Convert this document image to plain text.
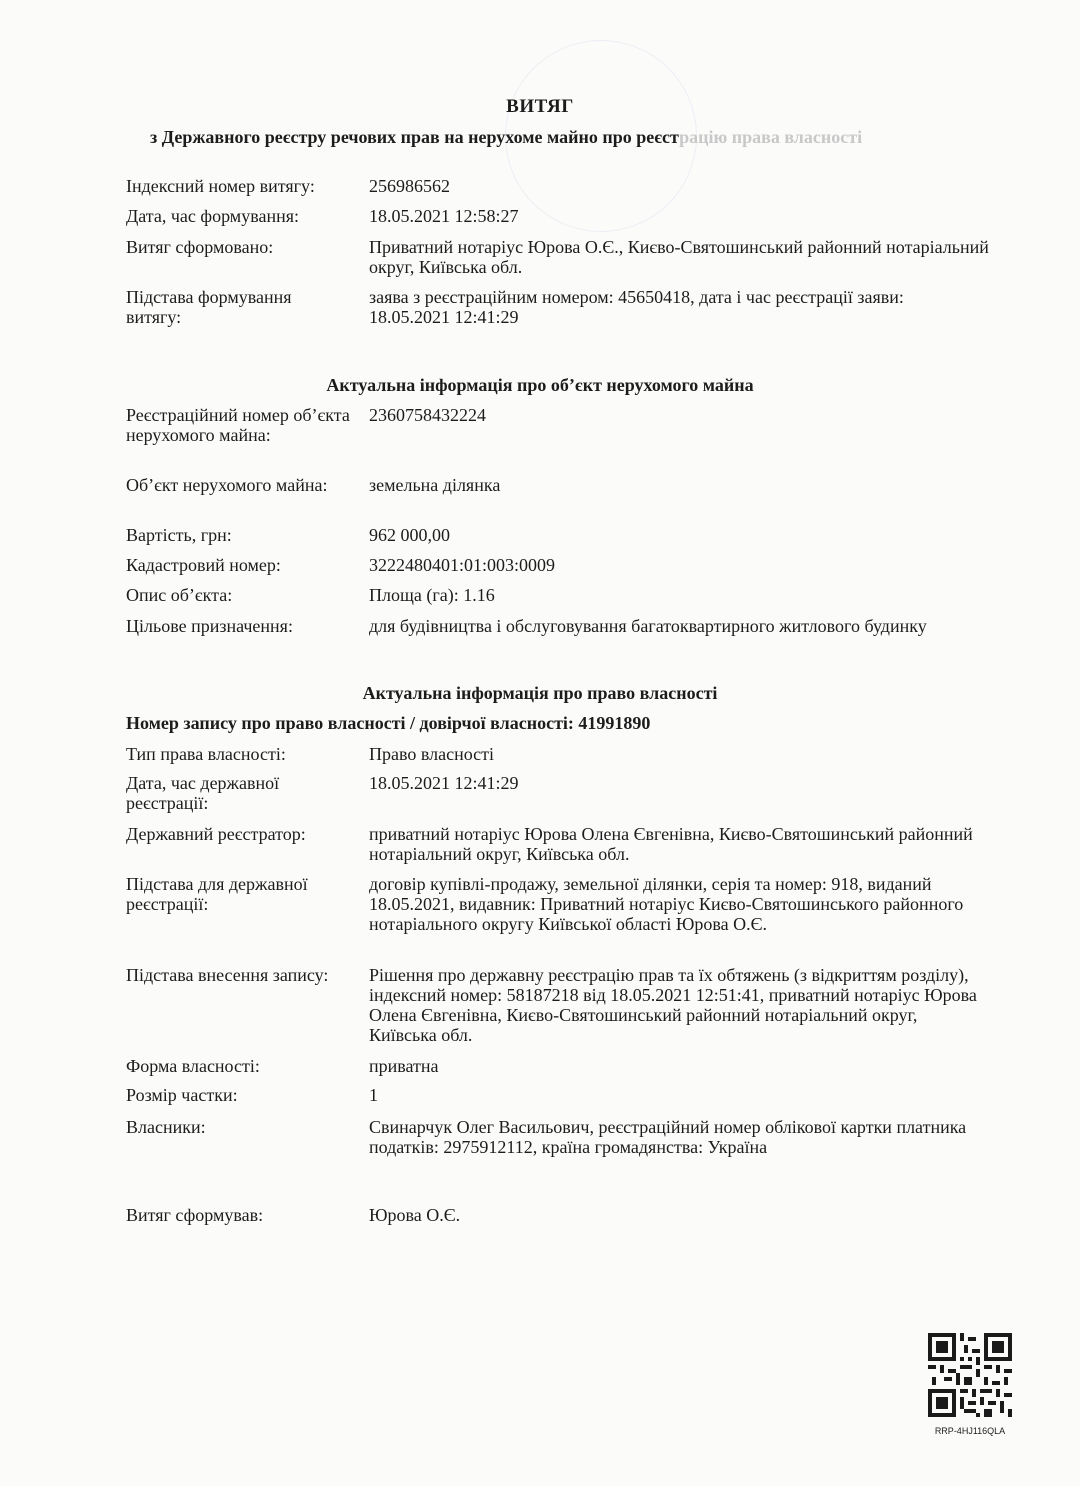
ВИТЯГ
з Державного реєстру речових прав на нерухоме майно про реєстрацію права власності
Індексний номер витягу:	256986562
Дата, час формування:	18.05.2021 12:58:27
Витяг сформовано:	Приватний нотаріус Юрова О.Є., Києво-Святошинський районний нотаріальний округ, Київська обл.
Підстава формування витягу:
заява з реєстраційним номером: 45650418, дата і час реєстрації заяви: 18.05.2021 12:41:29
Актуальна інформація про об’єкт нерухомого майна
Реєстраційний номер об’єкта нерухомого майна:
2360758432224
Об’єкт нерухомого майна:	земельна ділянка
Вартість, грн:	962 000,00
Кадастровий номер:	3222480401:01:003:0009
Опис об’єкта:	Площа (га): 1.16
Цільове призначення:	для будівництва і обслуговування багатоквартирного житлового будинку
Актуальна інформація про право власності
Номер запису про право власності / довірчої власності: 41991890
Тип права власності:	Право власності
Дата, час державної реєстрації:
18.05.2021 12:41:29
Державний реєстратор:	приватний нотаріус Юрова Олена Євгенівна, Києво-Святошинський районний нотаріальний округ, Київська обл.
Підстава для державної реєстрації:
договір купівлі-продажу, земельної ділянки, серія та номер: 918, виданий 18.05.2021, видавник: Приватний нотаріус Києво-Святошинського районного нотаріального округу Київської області Юрова О.Є.
Підстава внесення запису:	Рішення про державну реєстрацію прав та їх обтяжень (з відкриттям розділу), індексний номер: 58187218 від 18.05.2021 12:51:41, приватний нотаріус Юрова Олена Євгенівна, Києво-Святошинський районний нотаріальний округ, Київська обл.
Форма власності:	приватна
Розмір частки:	1
Власники:	Свинарчук Олег Васильович, реєстраційний номер облікової картки платника податків: 2975912112, країна громадянства: Україна
Витяг сформував:	Юрова О.Є.
RRP-4HJ116QLA
